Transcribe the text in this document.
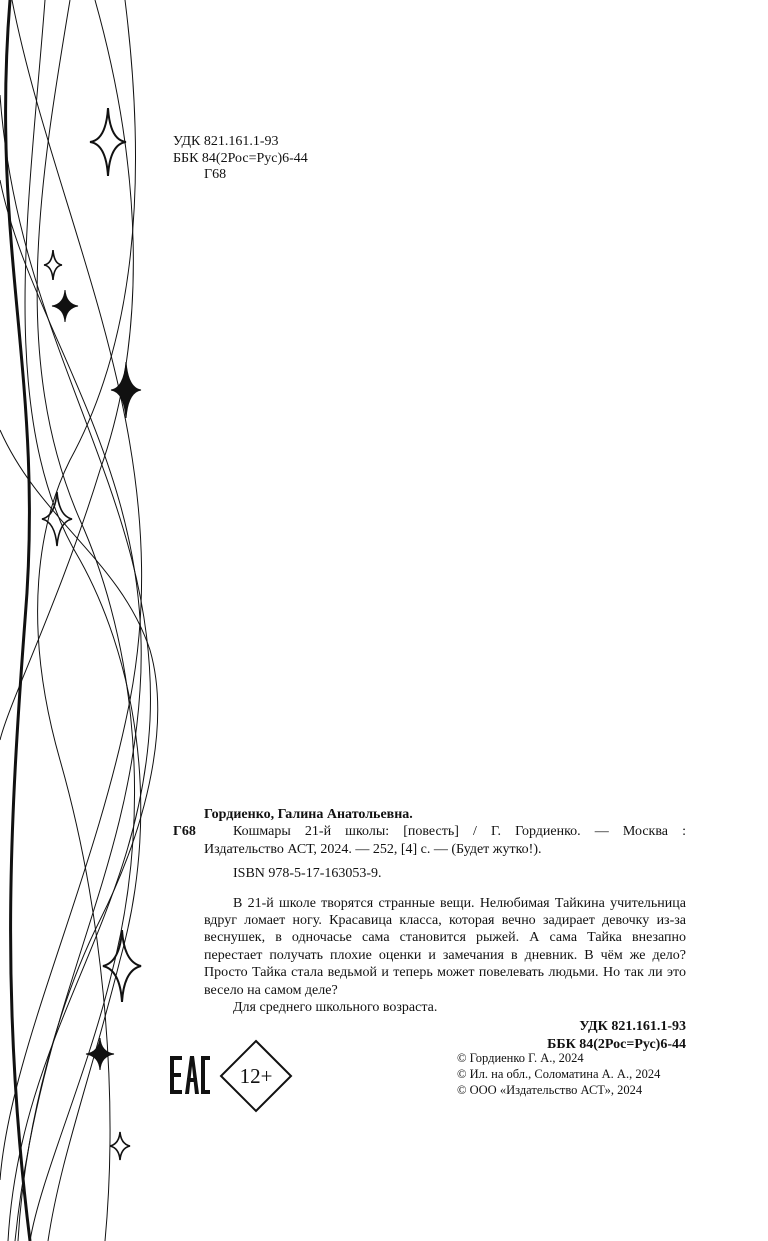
УДК 821.161.1-93
ББК 84(2Рос=Рус)6-44
Г68
Гордиенко, Галина Анатольевна.
Г68	Кошмары 21-й школы: [повесть] / Г. Гордиенко. — Москва :
Издательство АСТ, 2024. — 252, [4] с. — (Будет жутко!).
ISBN 978-5-17-163053-9.

В 21-й школе творятся странные вещи. Нелюбимая Тайкина учительница вдруг ломает ногу. Красавица класса, которая вечно задирает девочку из-за веснушек, в одночасье сама становится рыжей. А сама Тайка внезапно перестает получать плохие оценки и замечания в дневник. В чём же дело? Просто Тайка стала ведьмой и теперь может повелевать людьми. Но так ли это весело на самом деле?

Для среднего школьного возраста.
УДК 821.161.1-93
ББК 84(2Рос=Рус)6-44
12+
© Гордиенко Г. А., 2024
© Ил. на обл., Соломатина А. А., 2024
© ООО «Издательство АСТ», 2024
